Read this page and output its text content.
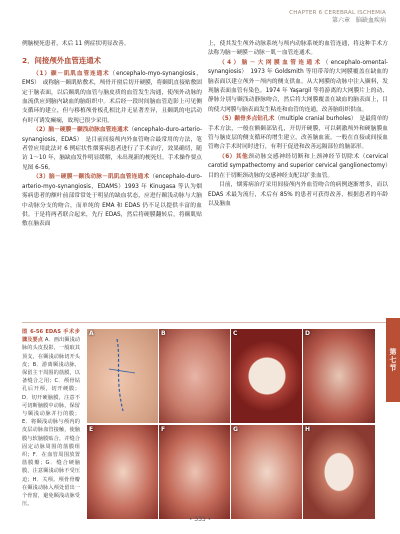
CHAPTER 6 CEREBRAL ISCHEMIA
第六章　脑缺血疾病

例脑梗死患者，术后 11 例症状明显改善。

2．间接颅外血管连通术

（1）颞－肌肌血管连通术（encephalo-myo-synangiosis，EMS）　或称脑－颞肌贴敷术，颅骨开窗后切开硬膜，将颞肌直接贴敷固定于脑表面，以后颞肌的血管与脑皮质的血管发生沟通，使颅外动脉的血流供应到脑内缺血的脑组织中。术后经一段时间脑血管造影上可见侧支循环的建立，但与移植颅骨板孔相比并无显著差异，且颞肌的电活动有时可诱发癫痫，故现已很少采用。

（2）脑－硬膜－颞浅动脉血管连通术（encephalo-duro-arterio-synangiosis，EDAS）　是目前间接颅内外血管吻合最常用的方法，笔者曾应用此法对 6 例症状性烟雾病患者进行了手术治疗，效果确切，随访 1～10 年，脑缺血发作明显缓解，未出现新的梗死灶。手术操作要点见图 6-56。

（3）脑－硬膜－颞浅动脉－肌肌血管连通术（encephalo-duro-arterio-myo-synangiosis，EDAMS）1993 年 Kinugasa 等认为烟雾病患者的额叶前部常常处于明显的缺血状态，应进行颞浅动脉与大脑中动脉分支的吻合，而单纯的 EMA 和 EDAS 仍不足以提供丰富的血供。于是将两者联合起来，先行 EDAS，然后将硬膜翻转后，将颞肌贴敷在脑表面

上，使其发生颅外动脉系统与颅内动脉系统的血管连通，将这种手术方法称为脑－硬膜－动脉－肌－血管连通术。

（4）脑－大网膜血管连通术（encephalo-omental-synangiosis）　1973 年 Goldsmith 等用带蒂的大网膜覆盖在缺血的脑表面以建立颅外－颅内的侧支供血。从大网膜的动脉中注入颞料，发现脑表面血管有染色。1974 年 Yaşargil 等将游离的大网膜片上的动、静脉分别与颞浅动静脉吻合，然后将大网膜覆盖在缺血的脑表面上，目的使大网膜与脑表面发生粘连和血管的连通，改善脑组织供血。

（5）颞骨多点钻孔术（multiple cranial burholes）　是最简单的手术方法，一般在额颞部钻孔，开切开硬膜，可以刺激颅外和硬脑膜血管与脑皮层的侧支循环的增生建立，改善脑血流。一般在直接或间接血管吻合手术时同时进行，有利于促进和改善远隔部位的脑部形。

（6）其他颈动脉交感神经切断和上颈神经节切除术（cervical carotid sympathectomy and superior cervical ganglionectomy）目的在于切断颈动脉的交感神经支配以扩张血管。

目前，烟雾病治疗采用间接颅内外血管吻合的病例逐渐增多，而以 EDAS 术最为流行，术后有 85% 的患者可获得改善，根据患者的年龄以及脑血

图 6-56 EDAS 手术步骤及要点 A．画出颞浅动脉的头皮投影，一般取其顶支，在颞浅动脉切开头皮；B．游离颞浅动脉，保留主干周围的筋膜，以备缝合之用；C．颅骨钻孔后开颅，切开硬膜；D．切开硬脑膜，注意不可切断脑膜中动脉，保留与颞浅动脉并行的膜；E．将颞浅动脉与颅内的皮层动脉血管接触，使脑膜与软脑膜贴合，并缝合固定动脉周围的筋膜组织；F．在血管周围放置筋膜瓣；G．缝合硬脑膜，注意颞浅动脉不受压迫；H．关颅。颅骨骨瓣在颞浅动脉入颅处留出一个骨窗，避免颞浅动脉受压。
A	B	C	D
E	F	G	H
第七节
• 333 •
